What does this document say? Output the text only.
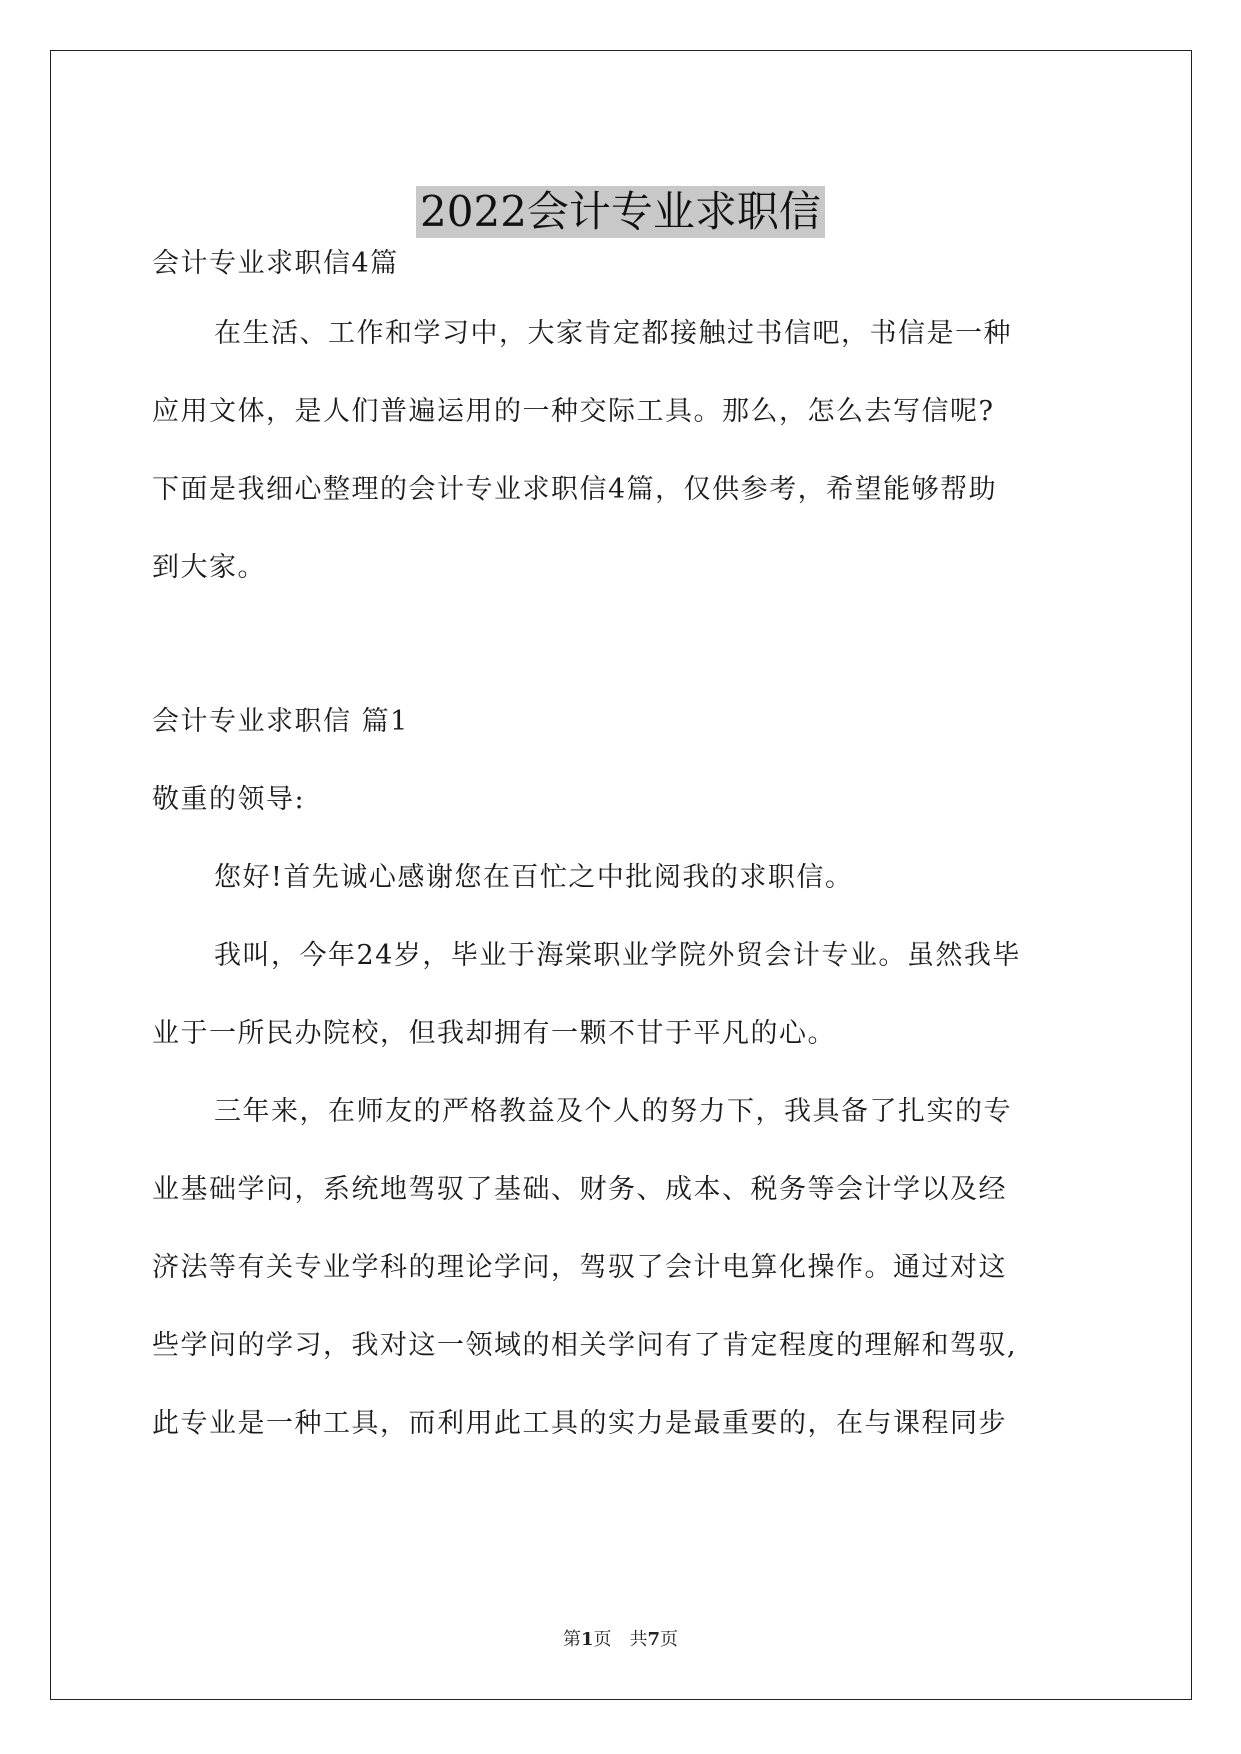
2022会计专业求职信
会计专业求职信4篇
在生活、工作和学习中，大家肯定都接触过书信吧，书信是一种
应用文体，是人们普遍运用的一种交际工具。那么，怎么去写信呢?
下面是我细心整理的会计专业求职信4篇，仅供参考，希望能够帮助
到大家。
会计专业求职信 篇1
敬重的领导:
您好!首先诚心感谢您在百忙之中批阅我的求职信。
我叫，今年24岁，毕业于海棠职业学院外贸会计专业。虽然我毕
业于一所民办院校，但我却拥有一颗不甘于平凡的心。
三年来，在师友的严格教益及个人的努力下，我具备了扎实的专
业基础学问，系统地驾驭了基础、财务、成本、税务等会计学以及经
济法等有关专业学科的理论学问，驾驭了会计电算化操作。通过对这
些学问的学习，我对这一领域的相关学问有了肯定程度的理解和驾驭,
此专业是一种工具，而利用此工具的实力是最重要的，在与课程同步
第1页 共7页
